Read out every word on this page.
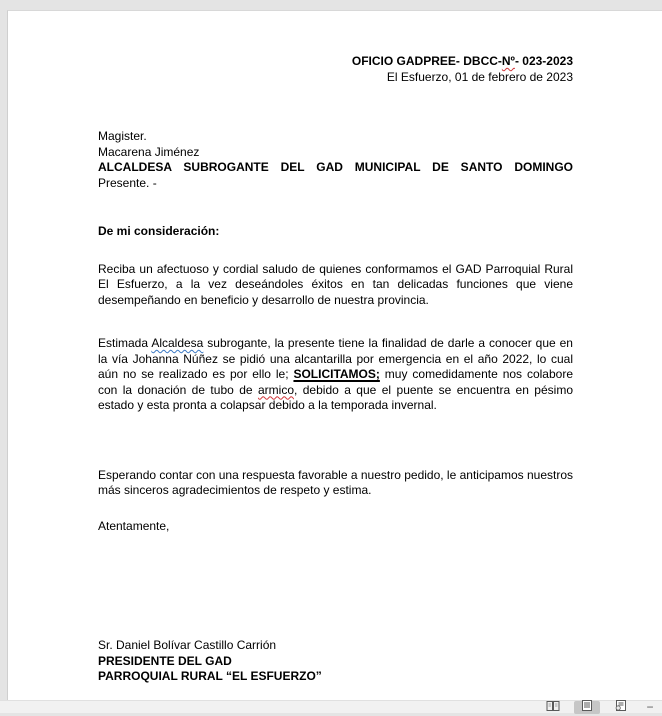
OFICIO GADPREE- DBCC-Nº- 023-2023
El Esfuerzo, 01 de febrero de 2023
Magister.
Macarena Jiménez
ALCALDESA SUBROGANTE DEL GAD MUNICIPAL DE SANTO DOMINGO
Presente. -
De mi consideración:

Reciba un afectuoso y cordial saludo de quienes conformamos el GAD Parroquial Rural El Esfuerzo, a la vez deseándoles éxitos en tan delicadas funciones que viene desempeñando en beneficio y desarrollo de nuestra provincia.

Estimada Alcaldesa subrogante, la presente tiene la finalidad de darle a conocer que en la vía Johanna Núñez se pidió una alcantarilla por emergencia en el año 2022, lo cual aún no se realizado es por ello le; SOLICITAMOS; muy comedidamente nos colabore con la donación de tubo de armico, debido a que el puente se encuentra en pésimo estado y esta pronta a colapsar debido a la temporada invernal.

Esperando contar con una respuesta favorable a nuestro pedido, le anticipamos nuestros más sinceros agradecimientos de respeto y estima.

Atentamente,
Sr. Daniel Bolívar Castillo Carrión
PRESIDENTE DEL GAD
PARROQUIAL RURAL “EL ESFUERZO”
−
